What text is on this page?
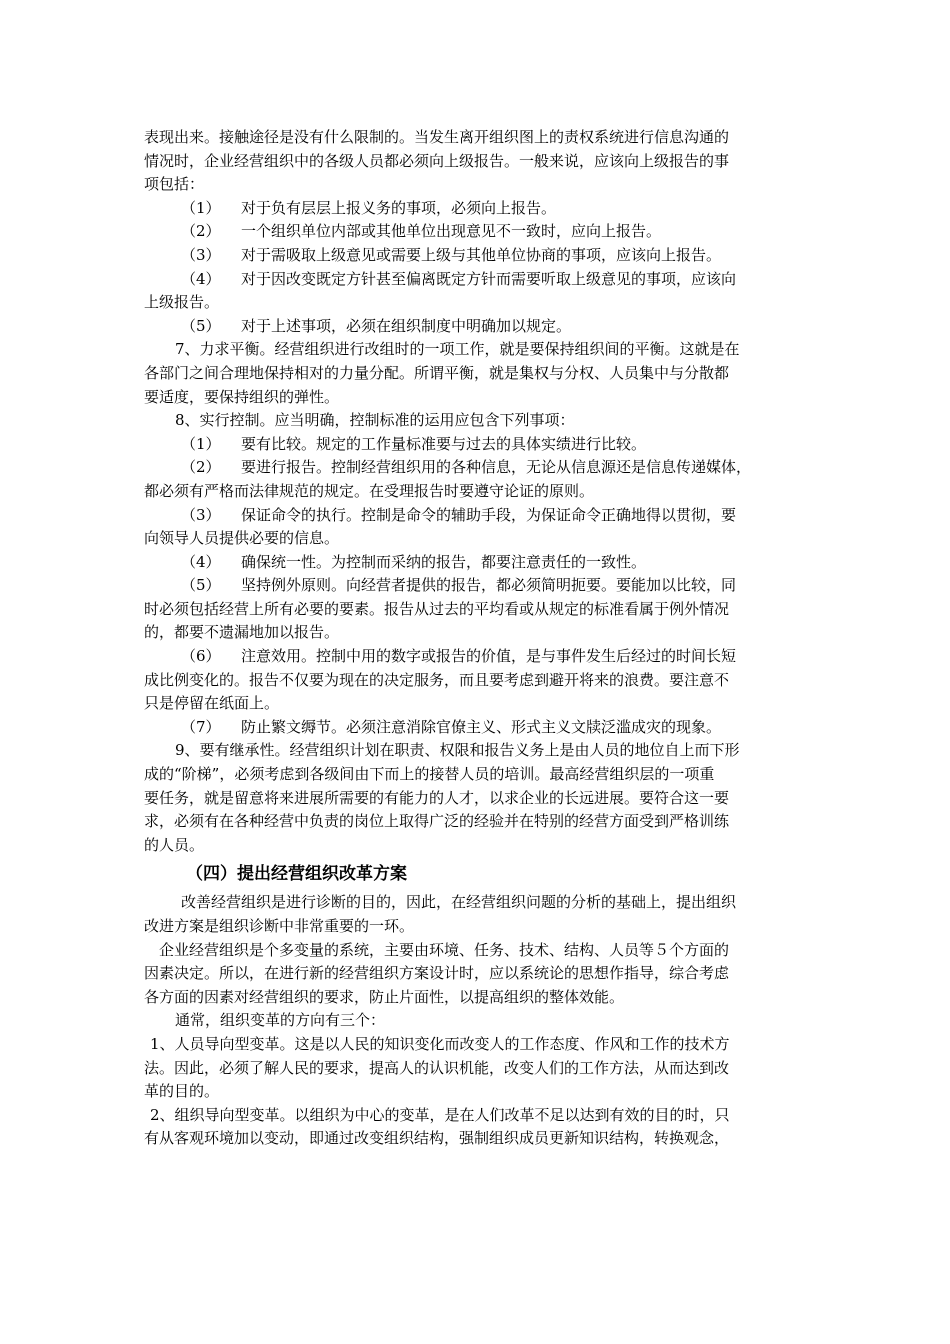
表现出来。接触途径是没有什么限制的。当发生离开组织图上的责权系统进行信息沟通的
情况时，企业经营组织中的各级人员都必须向上级报告。一般来说，应该向上级报告的事
项包括：
（1） 对于负有层层上报义务的事项，必须向上报告。
（2） 一个组织单位内部或其他单位出现意见不一致时，应向上报告。
（3） 对于需吸取上级意见或需要上级与其他单位协商的事项，应该向上报告。
（4） 对于因改变既定方针甚至偏离既定方针而需要听取上级意见的事项，应该向
上级报告。
（5） 对于上述事项，必须在组织制度中明确加以规定。
7、力求平衡。经营组织进行改组时的一项工作，就是要保持组织间的平衡。这就是在
各部门之间合理地保持相对的力量分配。所谓平衡，就是集权与分权、人员集中与分散都
要适度，要保持组织的弹性。
8、实行控制。应当明确，控制标准的运用应包含下列事项：
（1） 要有比较。规定的工作量标准要与过去的具体实绩进行比较。
（2） 要进行报告。控制经营组织用的各种信息，无论从信息源还是信息传递媒体，
都必须有严格而法律规范的规定。在受理报告时要遵守论证的原则。
（3） 保证命令的执行。控制是命令的辅助手段，为保证命令正确地得以贯彻，要
向领导人员提供必要的信息。
（4） 确保统一性。为控制而采纳的报告，都要注意责任的一致性。
（5） 坚持例外原则。向经营者提供的报告，都必须简明扼要。要能加以比较，同
时必须包括经营上所有必要的要素。报告从过去的平均看或从规定的标准看属于例外情况
的，都要不遗漏地加以报告。
（6） 注意效用。控制中用的数字或报告的价值，是与事件发生后经过的时间长短
成比例变化的。报告不仅要为现在的决定服务，而且要考虑到避开将来的浪费。要注意不
只是停留在纸面上。
（7） 防止繁文缛节。必须注意消除官僚主义、形式主义文牍泛滥成灾的现象。
9、要有继承性。经营组织计划在职责、权限和报告义务上是由人员的地位自上而下形
成的“阶梯”，必须考虑到各级间由下而上的接替人员的培训。最高经营组织层的一项重
要任务，就是留意将来进展所需要的有能力的人才，以求企业的长远进展。要符合这一要
求，必须有在各种经营中负责的岗位上取得广泛的经验并在特别的经营方面受到严格训练
的人员。
（四）提出经营组织改革方案
改善经营组织是进行诊断的目的，因此，在经营组织问题的分析的基础上，提出组织
改进方案是组织诊断中非常重要的一环。
企业经营组织是个多变量的系统，主要由环境、任务、技术、结构、人员等５个方面的
因素决定。所以，在进行新的经营组织方案设计时，应以系统论的思想作指导，综合考虑
各方面的因素对经营组织的要求，防止片面性，以提高组织的整体效能。
通常，组织变革的方向有三个：
1、人员导向型变革。这是以人民的知识变化而改变人的工作态度、作风和工作的技术方
法。因此，必须了解人民的要求，提高人的认识机能，改变人们的工作方法，从而达到改
革的目的。
2、组织导向型变革。以组织为中心的变革，是在人们改革不足以达到有效的目的时，只
有从客观环境加以变动，即通过改变组织结构，强制组织成员更新知识结构，转换观念，
